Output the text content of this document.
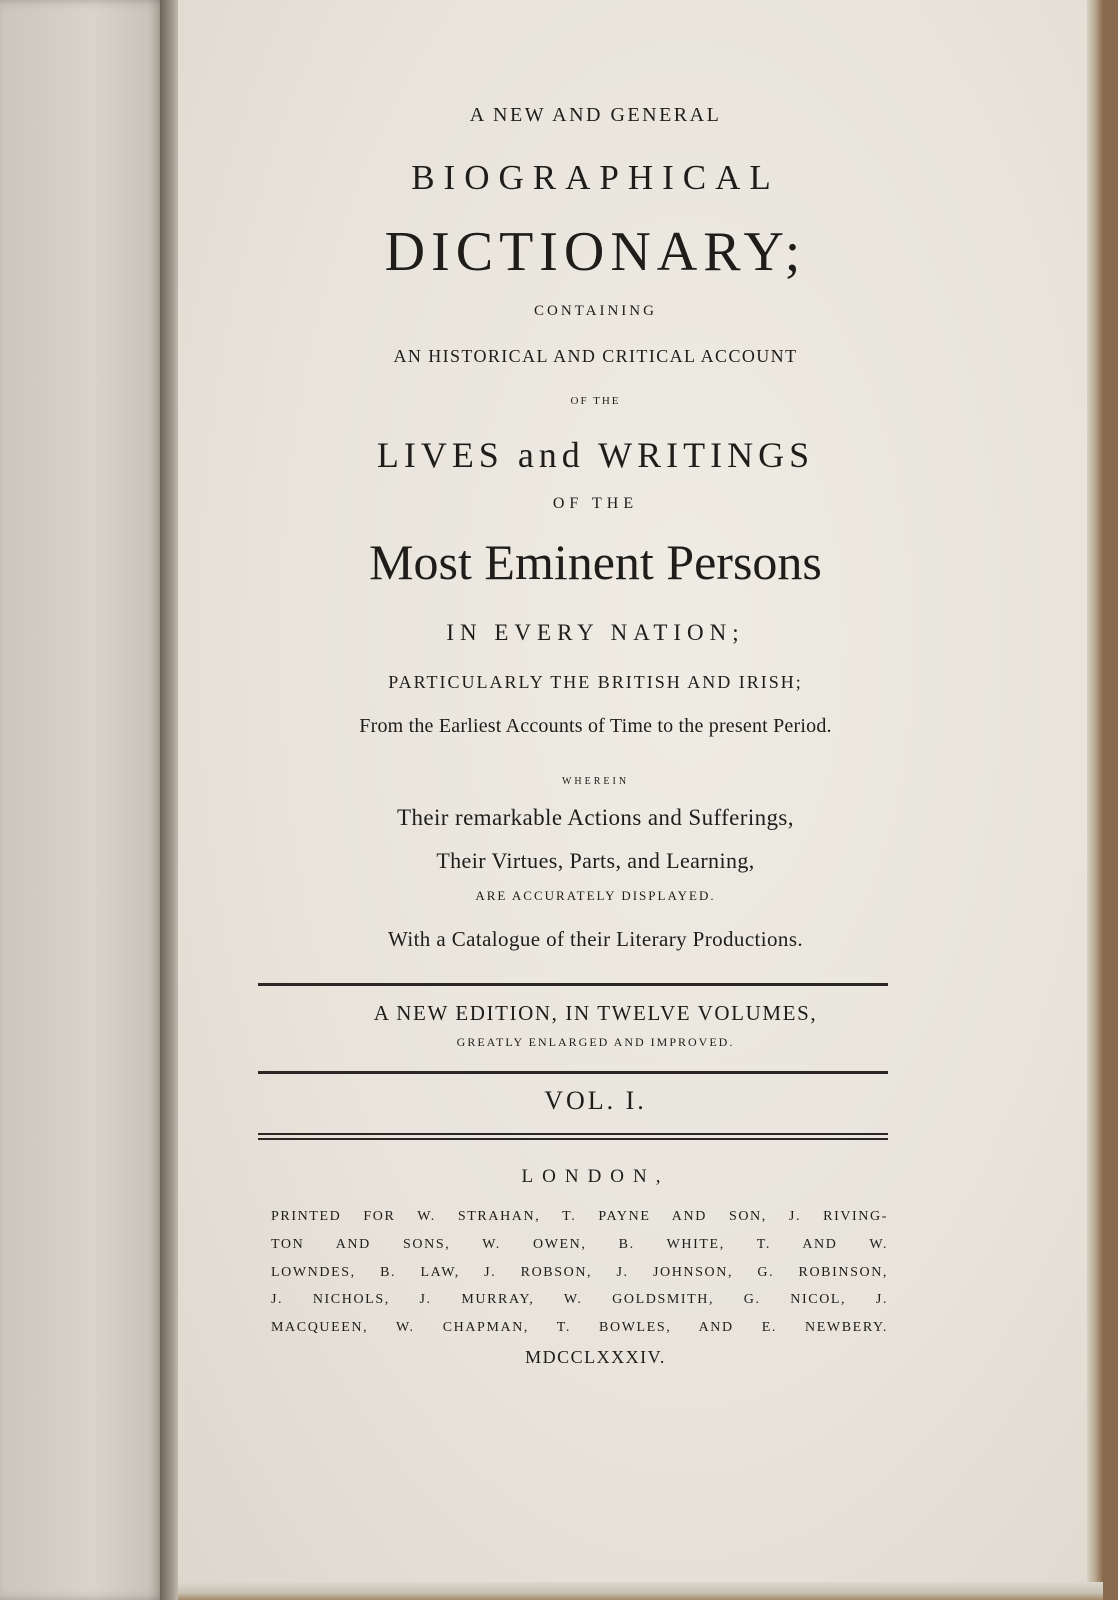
A NEW AND GENERAL
BIOGRAPHICAL
DICTIONARY;
CONTAINING
AN HISTORICAL AND CRITICAL ACCOUNT
OF THE
LIVES and WRITINGS
OF THE
Most Eminent Persons
IN EVERY NATION;
PARTICULARLY THE BRITISH AND IRISH;
From the Earliest Accounts of Time to the present Period.
WHEREIN
Their remarkable Actions and Sufferings,
Their Virtues, Parts, and Learning,
ARE ACCURATELY DISPLAYED.
With a Catalogue of their Literary Productions.
A NEW EDITION, IN TWELVE VOLUMES,
GREATLY ENLARGED AND IMPROVED.
VOL. I.
LONDON,
PRINTED FOR W. STRAHAN, T. PAYNE AND SON, J. RIVING-
TON AND SONS, W. OWEN, B. WHITE, T. AND W.
LOWNDES, B. LAW, J. ROBSON, J. JOHNSON, G. ROBINSON,
J. NICHOLS, J. MURRAY, W. GOLDSMITH, G. NICOL, J.
MACQUEEN, W. CHAPMAN, T. BOWLES, AND E. NEWBERY.
MDCCLXXXIV.
